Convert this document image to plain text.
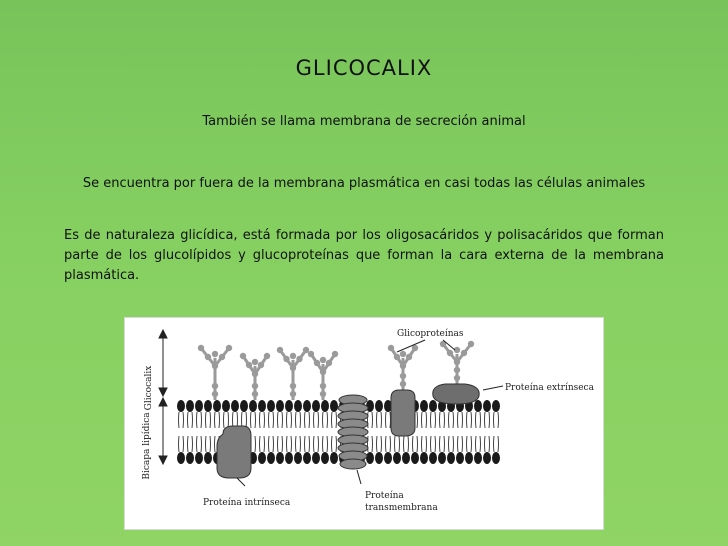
GLICOCALIX
También se llama membrana de secreción animal
Se encuentra por fuera de la membrana plasmática en casi todas las células animales
Es de naturaleza glicídica, está formada por los oligosacáridos y polisacáridos que forman parte de los glucolípidos y glucoproteínas que forman la cara externa de la membrana plasmática.
Glicocalix
Bicapa lipídica
Glicoproteínas
Proteína extrínseca
Proteína intrínseca
Proteína
transmembrana
